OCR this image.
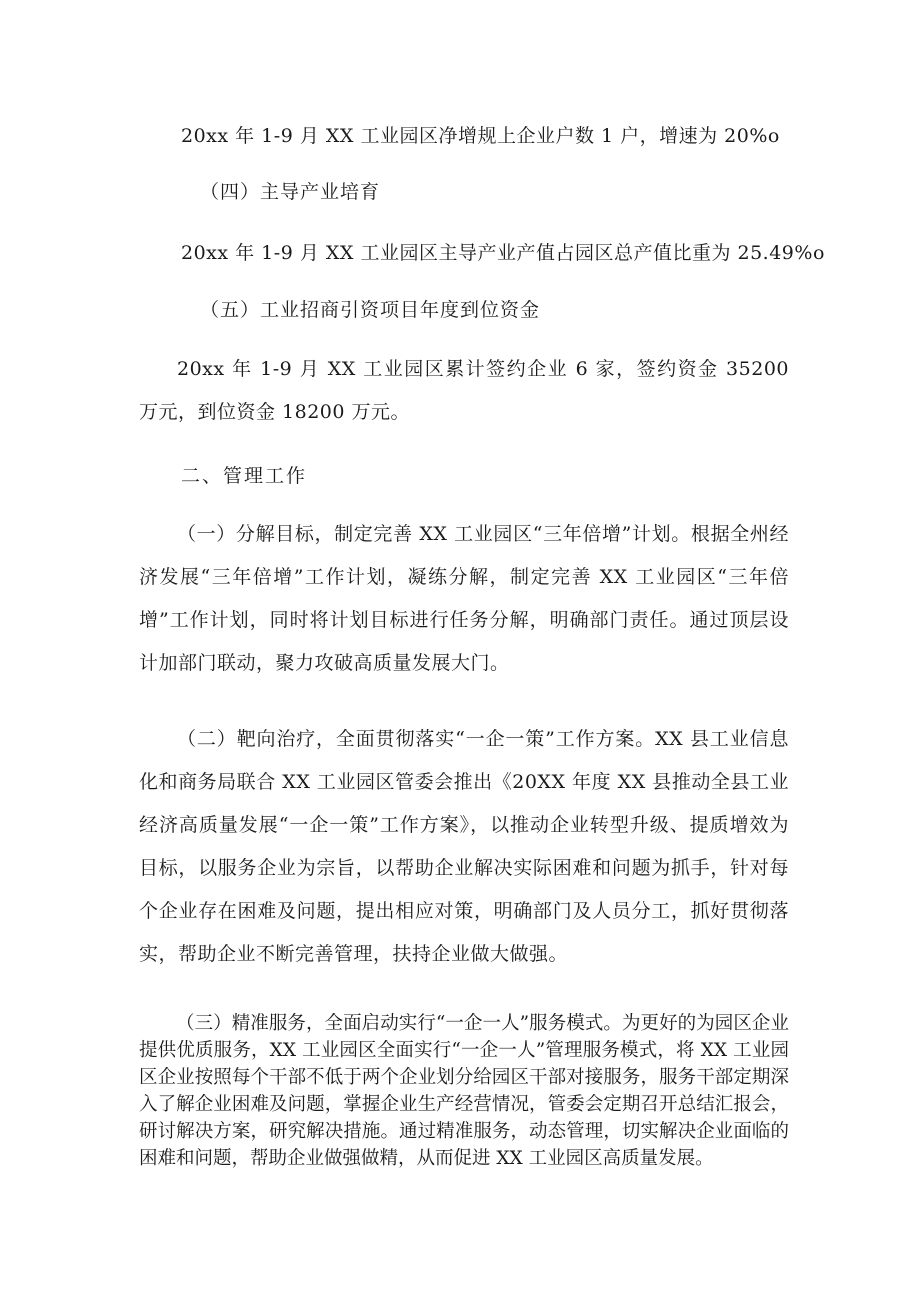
20xx 年 1-9 月 XX 工业园区净增规上企业户数 1 户，增速为 20%o
（四）主导产业培育
20xx 年 1-9 月 XX 工业园区主导产业产值占园区总产值比重为 25.49%o
（五）工业招商引资项目年度到位资金
20xx 年 1-9 月 XX 工业园区累计签约企业 6 家，签约资金 35200 万元，到位资金 18200 万元。
二、管理工作
（一）分解目标，制定完善 XX 工业园区“三年倍增”计划。根据全州经济发展“三年倍增”工作计划，凝练分解，制定完善 XX 工业园区“三年倍增”工作计划，同时将计划目标进行任务分解，明确部门责任。通过顶层设计加部门联动，聚力攻破高质量发展大门。
（二）靶向治疗，全面贯彻落实“一企一策”工作方案。XX 县工业信息化和商务局联合 XX 工业园区管委会推出《20XX 年度 XX 县推动全县工业经济高质量发展“一企一策”工作方案》，以推动企业转型升级、提质增效为目标，以服务企业为宗旨，以帮助企业解决实际困难和问题为抓手，针对每个企业存在困难及问题，提出相应对策，明确部门及人员分工，抓好贯彻落实，帮助企业不断完善管理，扶持企业做大做强。
（三）精准服务，全面启动实行“一企一人”服务模式。为更好的为园区企业提供优质服务，XX 工业园区全面实行“一企一人”管理服务模式，将 XX 工业园区企业按照每个干部不低于两个企业划分给园区干部对接服务，服务干部定期深入了解企业困难及问题，掌握企业生产经营情况，管委会定期召开总结汇报会，研讨解决方案，研究解决措施。通过精准服务，动态管理，切实解决企业面临的困难和问题，帮助企业做强做精，从而促进 XX 工业园区高质量发展。
